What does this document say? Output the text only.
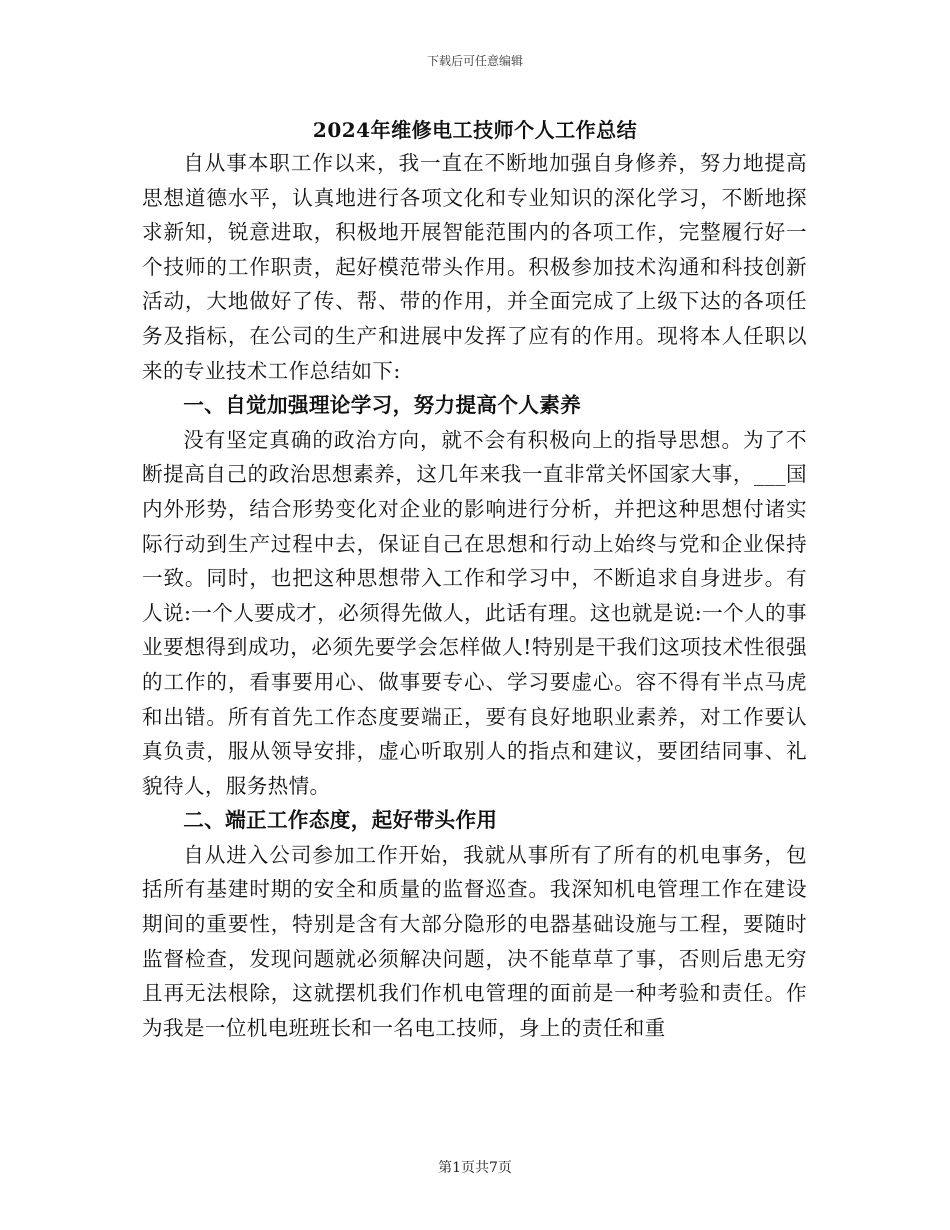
下载后可任意编辑
2024年维修电工技师个人工作总结

自从事本职工作以来，我一直在不断地加强自身修养，努力地提高思想道德水平，认真地进行各项文化和专业知识的深化学习，不断地探求新知，锐意进取，积极地开展智能范围内的各项工作，完整履行好一个技师的工作职责，起好模范带头作用。积极参加技术沟通和科技创新活动，大地做好了传、帮、带的作用，并全面完成了上级下达的各项任务及指标，在公司的生产和进展中发挥了应有的作用。现将本人任职以来的专业技术工作总结如下:

一、自觉加强理论学习，努力提高个人素养

没有坚定真确的政治方向，就不会有积极向上的指导思想。为了不断提高自己的政治思想素养，这几年来我一直非常关怀国家大事，___国内外形势，结合形势变化对企业的影响进行分析，并把这种思想付诸实际行动到生产过程中去，保证自己在思想和行动上始终与党和企业保持一致。同时，也把这种思想带入工作和学习中，不断追求自身进步。有人说:一个人要成才，必须得先做人，此话有理。这也就是说:一个人的事业要想得到成功，必须先要学会怎样做人!特别是干我们这项技术性很强的工作的，看事要用心、做事要专心、学习要虚心。容不得有半点马虎和出错。所有首先工作态度要端正，要有良好地职业素养，对工作要认真负责，服从领导安排，虚心听取别人的指点和建议，要团结同事、礼貌待人，服务热情。

二、端正工作态度，起好带头作用

自从进入公司参加工作开始，我就从事所有了所有的机电事务，包括所有基建时期的安全和质量的监督巡查。我深知机电管理工作在建设期间的重要性，特别是含有大部分隐形的电器基础设施与工程，要随时监督检查，发现问题就必须解决问题，决不能草草了事，否则后患无穷且再无法根除，这就摆机我们作机电管理的面前是一种考验和责任。作为我是一位机电班班长和一名电工技师，身上的责任和重

第1页共7页
